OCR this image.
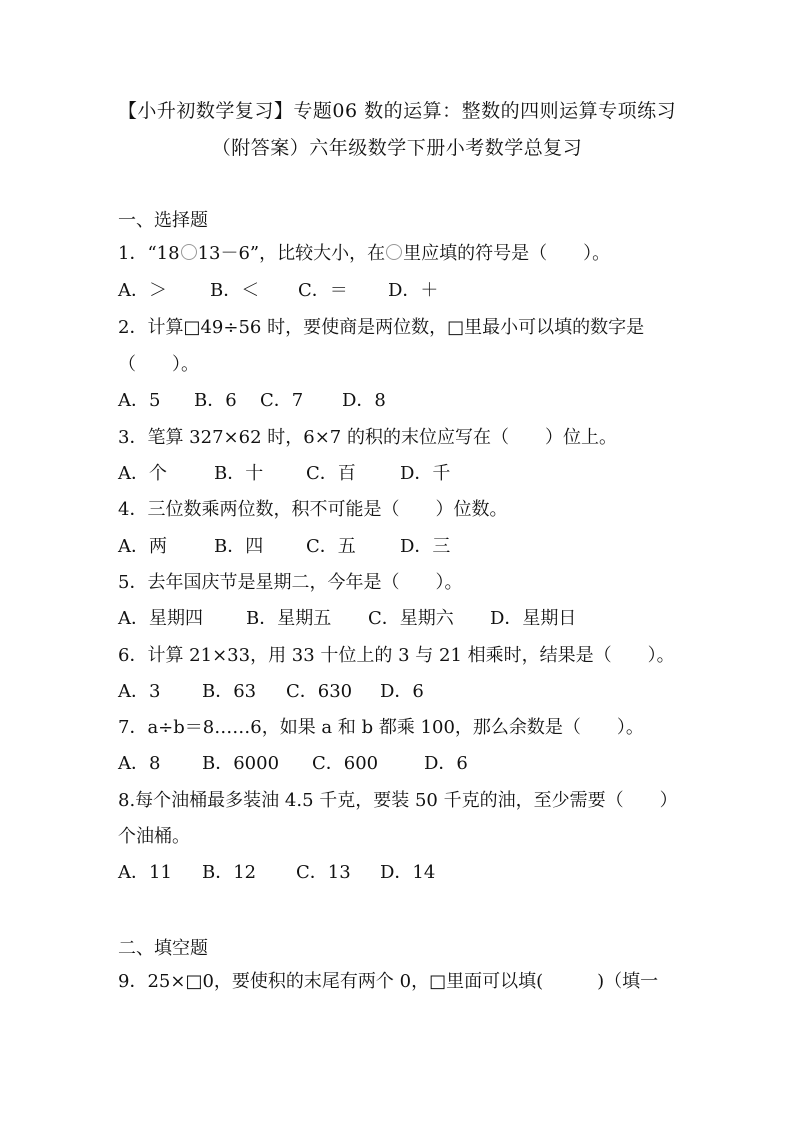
【小升初数学复习】专题06 数的运算：整数的四则运算专项练习
（附答案）六年级数学下册小考数学总复习
一、选择题
1．“18 13－6”，比较大小，在 里应填的符号是（　　）。
A．＞ B．＜ C．＝ D．＋
2．计算□49÷56 时，要使商是两位数，□里最小可以填的数字是
（　　）。
A．5 B．6 C．7 D．8
3．笔算 327×62 时，6×7 的积的末位应写在（　　）位上。
A．个	B．十 C．百 D．千
4．三位数乘两位数，积不可能是（　　）位数。
A．两	B．四 C．五 D．三
5．去年国庆节是星期二，今年是（　　）。
A．星期四 B．星期五 C．星期六 D．星期日
6．计算 21×33，用 33 十位上的 3 与 21 相乘时，结果是（　　）。
A．3 B．63 C．630 D．6
7．a÷b＝8……6，如果 a 和 b 都乘 100，那么余数是（　　）。
A．8 B．6000 C．600	D．6
8.每个油桶最多装油 4.5 千克，要装 50 千克的油，至少需要（　　）
个油桶。
A．11 B．12 C．13 D．14
二、填空题
9．25×□0，要使积的末尾有两个 0，□里面可以填(　　　)（填一
